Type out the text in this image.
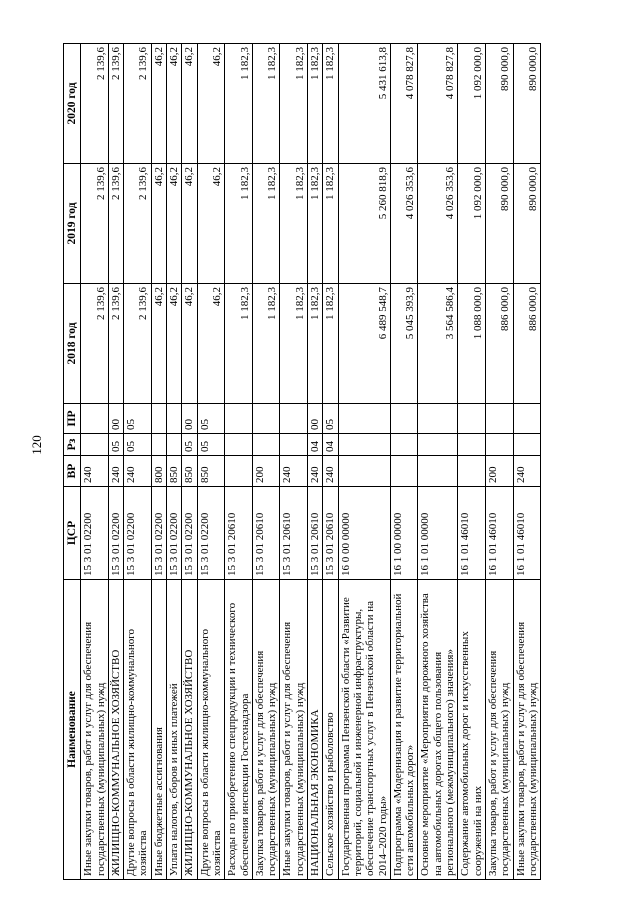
120
Наименование	ЦСР	ВР	Рз	ПР	2018 год	2019 год	2020 год
Иные закупки товаров, работ и услуг для обеспечения государственных (муниципальных) нужд	15 3 01 02200	240			2 139,6	2 139,6	2 139,6
ЖИЛИЩНО-КОММУНАЛЬНОЕ ХОЗЯЙСТВО	15 3 01 02200	240	05	00	2 139,6	2 139,6	2 139,6
Другие вопросы в области жилищно-коммунального хозяйства	15 3 01 02200	240	05	05	2 139,6	2 139,6	2 139,6
Иные бюджетные ассигнования	15 3 01 02200	800			46,2	46,2	46,2
Уплата налогов, сборов и иных платежей	15 3 01 02200	850			46,2	46,2	46,2
ЖИЛИЩНО-КОММУНАЛЬНОЕ ХОЗЯЙСТВО	15 3 01 02200	850	05	00	46,2	46,2	46,2
Другие вопросы в области жилищно-коммунального хозяйства	15 3 01 02200	850	05	05	46,2	46,2	46,2
Расходы по приобретению спецпродукции и технического обеспечения инспекции Гостехнадзора	15 3 01 20610				1 182,3	1 182,3	1 182,3
Закупка товаров, работ и услуг для обеспечения государственных (муниципальных) нужд	15 3 01 20610	200			1 182,3	1 182,3	1 182,3
Иные закупки товаров, работ и услуг для обеспечения государственных (муниципальных) нужд	15 3 01 20610	240			1 182,3	1 182,3	1 182,3
НАЦИОНАЛЬНАЯ ЭКОНОМИКА	15 3 01 20610	240	04	00	1 182,3	1 182,3	1 182,3
Сельское хозяйство и рыболовство	15 3 01 20610	240	04	05	1 182,3	1 182,3	1 182,3
Государственная программа Пензенской области «Развитие территорий, социальной и инженерной инфраструктуры, обеспечение транспортных услуг в Пензенской области на 2014–2020 годы»	16 0 00 00000				6 489 548,7	5 260 818,9	5 431 613,8
Подпрограмма «Модернизация и развитие территориальной сети автомобильных дорог»	16 1 00 00000				5 045 393,9	4 026 353,6	4 078 827,8
Основное мероприятие «Мероприятия дорожного хозяйства на автомобильных дорогах общего пользования регионального (межмуниципального) значения»	16 1 01 00000				3 564 586,4	4 026 353,6	4 078 827,8
Содержание автомобильных дорог и искусственных сооружений на них	16 1 01 46010				1 088 000,0	1 092 000,0	1 092 000,0
Закупка товаров, работ и услуг для обеспечения государственных (муниципальных) нужд	16 1 01 46010	200			886 000,0	890 000,0	890 000,0
Иные закупки товаров, работ и услуг для обеспечения государственных (муниципальных) нужд	16 1 01 46010	240			886 000,0	890 000,0	890 000,0
